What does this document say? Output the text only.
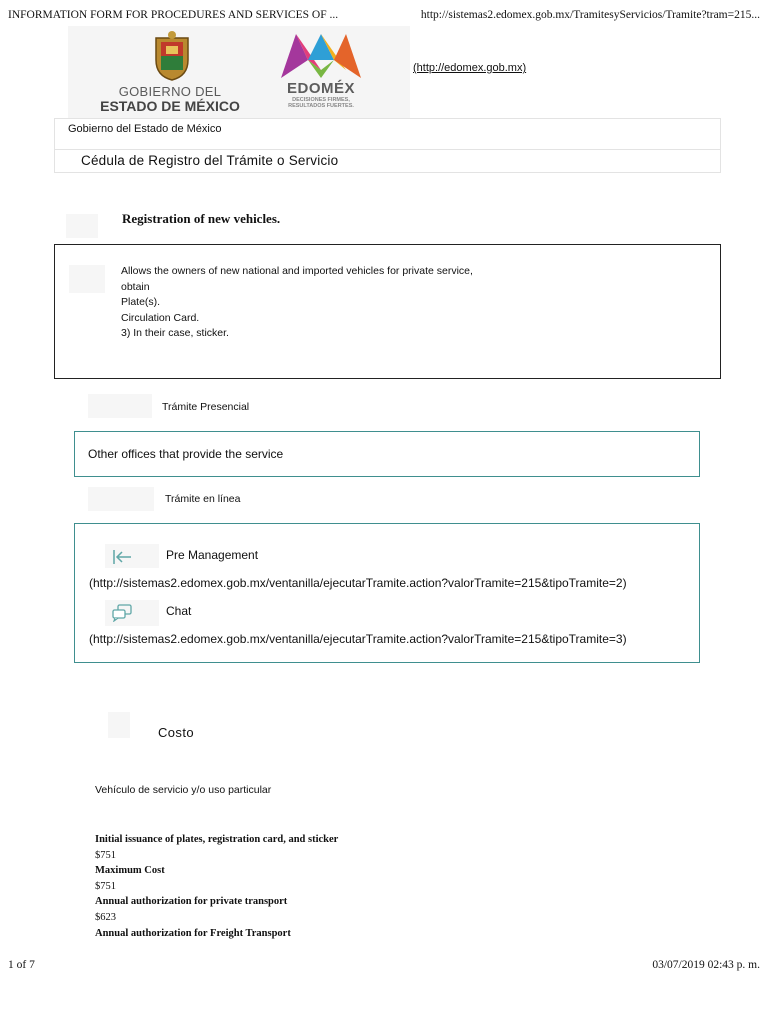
INFORMATION FORM FOR PROCEDURES AND SERVICES OF ...	http://sistemas2.edomex.gob.mx/TramitesyServicios/Tramite?tram=215...
GOBIERNO DEL
ESTADO DE MÉXICO
EDOMÉX
DECISIONES FIRMES,
RESULTADOS FUERTES.
(http://edomex.gob.mx)
Gobierno del Estado de México
Cédula de Registro del Trámite o Servicio
Registration of new vehicles.
Allows the owners of new national and imported vehicles for private service,
obtain
Plate(s).
Circulation Card.
3) In their case, sticker.
Trámite Presencial
Other offices that provide the service
Trámite en línea
Pre Management
(http://sistemas2.edomex.gob.mx/ventanilla/ejecutarTramite.action?valorTramite=215&tipoTramite=2)
Chat
(http://sistemas2.edomex.gob.mx/ventanilla/ejecutarTramite.action?valorTramite=215&tipoTramite=3)
Costo
Vehículo de servicio y/o uso particular
Initial issuance of plates, registration card, and sticker
$751
Maximum Cost
$751
Annual authorization for private transport
$623
Annual authorization for Freight Transport
1 of 7	03/07/2019 02:43 p. m.
